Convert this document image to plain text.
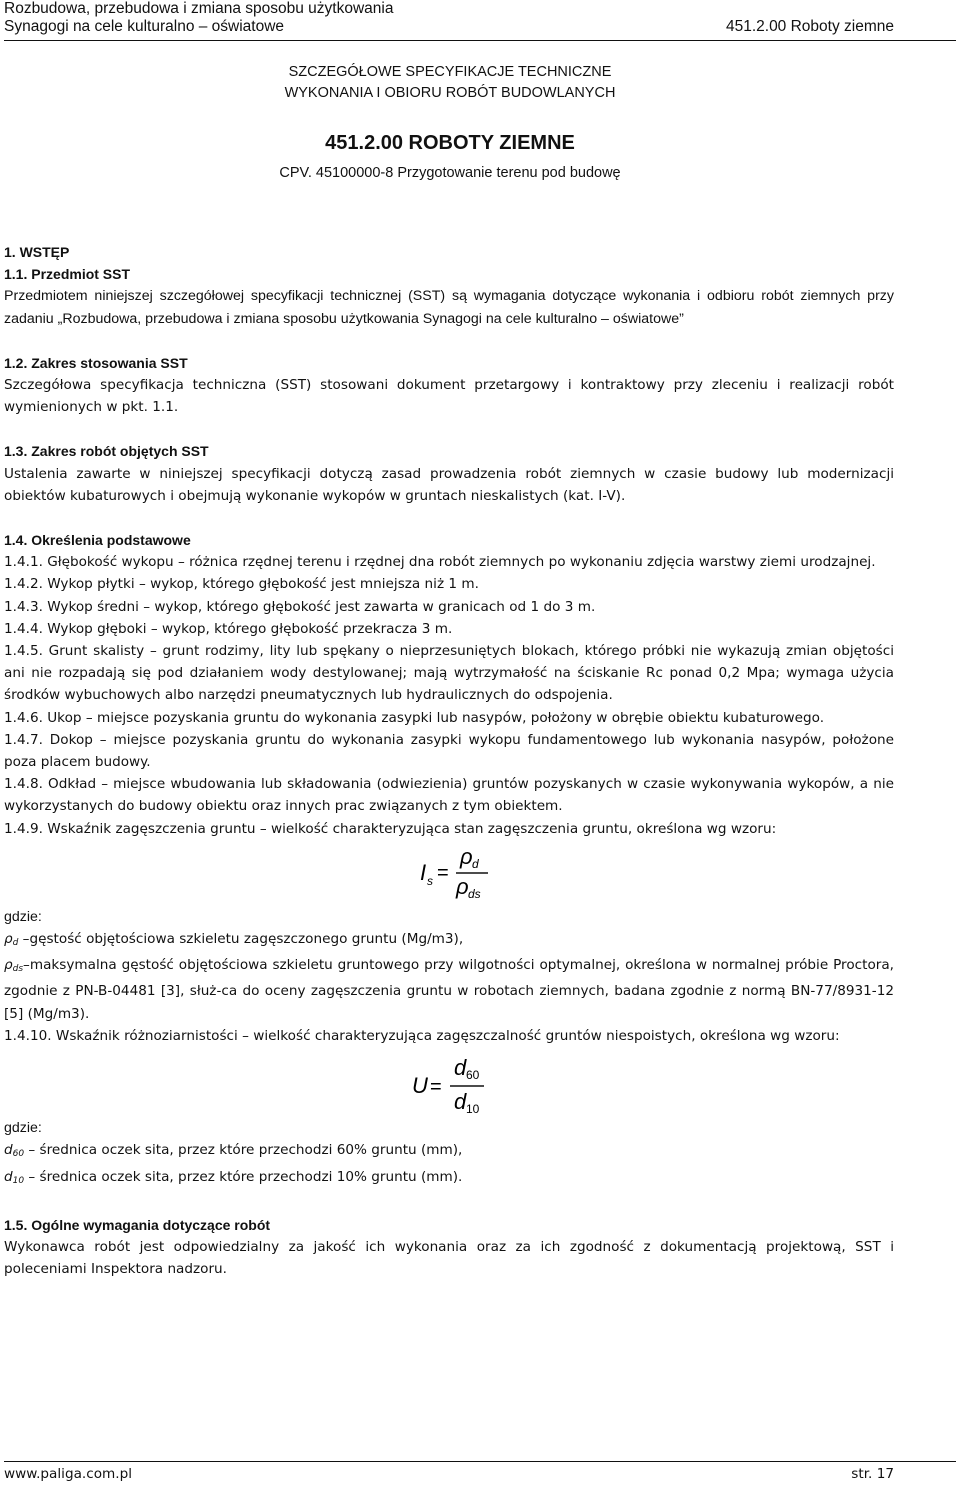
Rozbudowa, przebudowa i zmiana sposobu użytkowania
Synagogi na cele kulturalno – oświatowe	451.2.00 Roboty ziemne
SZCZEGÓŁOWE SPECYFIKACJE TECHNICZNE
WYKONANIA I OBIORU ROBÓT BUDOWLANYCH
451.2.00 ROBOTY ZIEMNE
CPV. 45100000-8 Przygotowanie terenu pod budowę

1. WSTĘP

1.1. Przedmiot SST

Przedmiotem niniejszej szczegółowej specyfikacji technicznej (SST) są wymagania dotyczące wykonania i odbioru robót ziemnych przy zadaniu „Rozbudowa, przebudowa i zmiana sposobu użytkowania Synagogi na cele kulturalno – oświatowe”

1.2. Zakres stosowania SST

Szczegółowa specyfikacja techniczna (SST) stosowani dokument przetargowy i kontraktowy przy zleceniu i realizacji robót wymienionych w pkt. 1.1.

1.3. Zakres robót objętych SST

Ustalenia zawarte w niniejszej specyfikacji dotyczą zasad prowadzenia robót ziemnych w czasie budowy lub modernizacji obiektów kubaturowych i obejmują wykonanie wykopów w gruntach nieskalistych (kat. I-V).

1.4. Określenia podstawowe

1.4.1. Głębokość wykopu – różnica rzędnej terenu i rzędnej dna robót ziemnych po wykonaniu zdjęcia warstwy ziemi urodzajnej.

1.4.2. Wykop płytki – wykop, którego głębokość jest mniejsza niż 1 m.

1.4.3. Wykop średni – wykop, którego głębokość jest zawarta w granicach od 1 do 3 m.

1.4.4. Wykop głęboki – wykop, którego głębokość przekracza 3 m.

1.4.5. Grunt skalisty – grunt rodzimy, lity lub spękany o nieprzesuniętych blokach, którego próbki nie wykazują zmian objętości ani nie rozpadają się pod działaniem wody destylowanej; mają wytrzymałość na ściskanie Rc ponad 0,2 Mpa; wymaga użycia środków wybuchowych albo narzędzi pneumatycznych lub hydraulicznych do odspojenia.

1.4.6. Ukop – miejsce pozyskania gruntu do wykonania zasypki lub nasypów, położony w obrębie obiektu kubaturowego.

1.4.7. Dokop – miejsce pozyskania gruntu do wykonania zasypki wykopu fundamentowego lub wykonania nasypów, położone poza placem budowy.

1.4.8. Odkład – miejsce wbudowania lub składowania (odwiezienia) gruntów pozyskanych w czasie wykonywania wykopów, a nie wykorzystanych do budowy obiektu oraz innych prac związanych z tym obiektem.

1.4.9. Wskaźnik zagęszczenia gruntu – wielkość charakteryzująca stan zagęszczenia gruntu, określona wg wzoru:

I s =
ρ d
ρ ds

gdzie:

$\rho_d$ –gęstość objętościowa szkieletu zagęszczonego gruntu (Mg/m3),

$\rho_{ds}$–maksymalna gęstość objętościowa szkieletu gruntowego przy wilgotności optymalnej, określona w normalnej próbie Proctora, zgodnie z PN-B-04481 [3], służ-ca do oceny zagęszczenia gruntu w robotach ziemnych, badana zgodnie z normą BN-77/8931-12 [5] (Mg/m3).

1.4.10. Wskaźnik różnoziarnistości – wielkość charakteryzująca zagęszczalność gruntów niespoistych, określona wg wzoru:

U =
d 60
d 10

gdzie:

$d_{60}$ – średnica oczek sita, przez które przechodzi 60% gruntu (mm),

$d_{10}$ – średnica oczek sita, przez które przechodzi 10% gruntu (mm).

1.5. Ogólne wymagania dotyczące robót

Wykonawca robót jest odpowiedzialny za jakość ich wykonania oraz za ich zgodność z dokumentacją projektową, SST i poleceniami Inspektora nadzoru.

www.paliga.com.pl	str. 17
